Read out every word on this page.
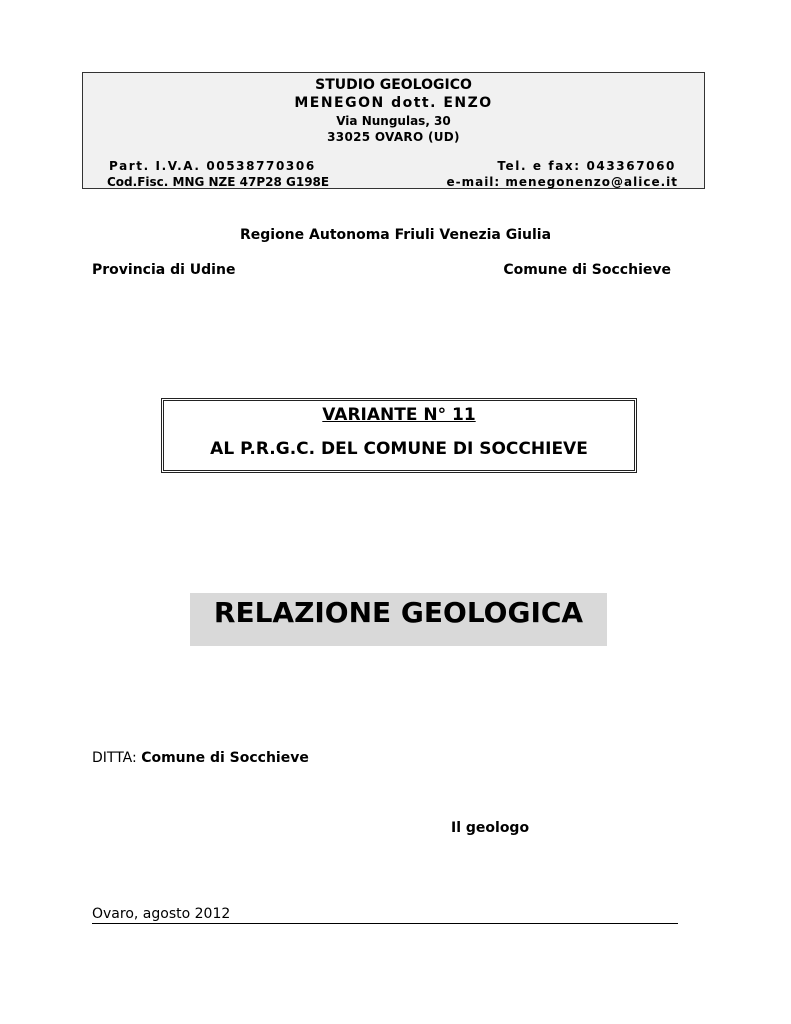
STUDIO GEOLOGICO
MENEGON dott. ENZO
Via Nungulas, 30
33025 OVARO (UD)
Part. I.V.A. 00538770306	Tel. e fax: 043367060
Cod.Fisc. MNG NZE 47P28 G198E	e-mail: menegonenzo@alice.it
Regione Autonoma Friuli Venezia Giulia
Provincia di Udine	Comune di Socchieve
VARIANTE N° 11
AL P.R.G.C. DEL COMUNE DI SOCCHIEVE
RELAZIONE GEOLOGICA
DITTA: Comune di Socchieve
Il geologo
Ovaro, agosto 2012
